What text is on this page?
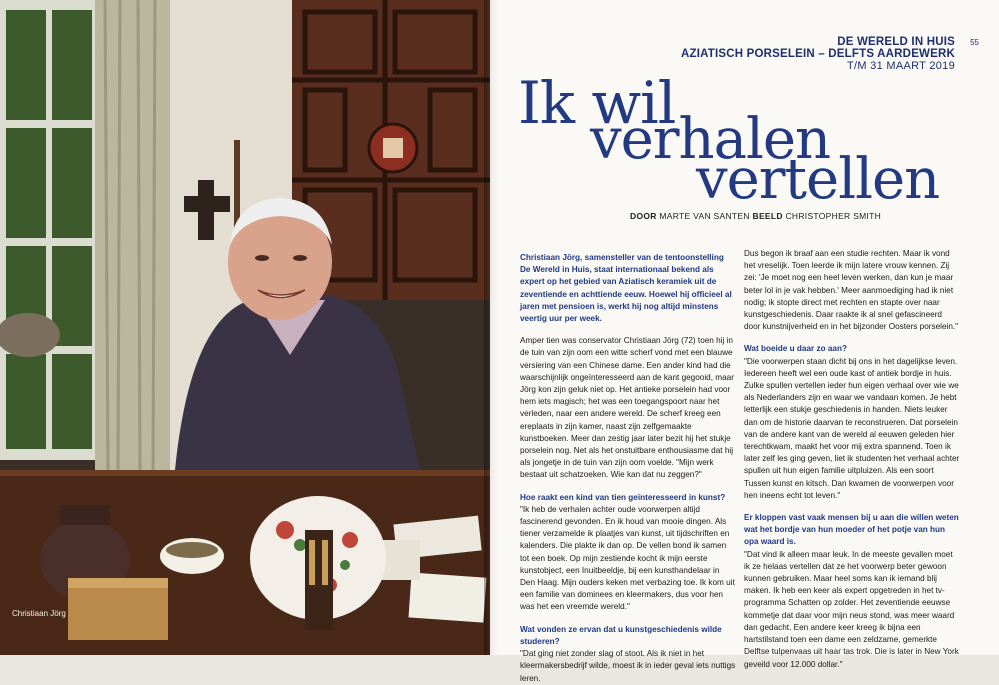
Christiaan Jörg
55
DE WERELD IN HUIS
AZIATISCH PORSELEIN – DELFTS AARDEWERK
T/M 31 MAART 2019
Ik wil
verhalen
vertellen
DOOR MARTE VAN SANTEN BEELD CHRISTOPHER SMITH

Christiaan Jörg, samensteller van de tentoonstelling De Wereld in Huis, staat internationaal bekend als expert op het gebied van Aziatisch keramiek uit de zeventiende en achttiende eeuw. Hoewel hij officieel al jaren met pensioen is, werkt hij nog altijd minstens veertig uur per week.

Amper tien was conservator Christiaan Jörg (72) toen hij in de tuin van zijn oom een witte scherf vond met een blauwe versiering van een Chinese dame. Een ander kind had die waarschijnlijk ongeïnteresseerd aan de kant gegooid, maar Jörg kon zijn geluk niet op. Het antieke porselein had voor hem iets magisch; het was een toegangspoort naar het verleden, naar een andere wereld. De scherf kreeg een ereplaats in zijn kamer, naast zijn zelfgemaakte kunstboeken. Meer dan zestig jaar later bezit hij het stukje porselein nog. Net als het onstuitbare enthousiasme dat hij als jongetje in de tuin van zijn oom voelde. "Mijn werk bestaat uit schatzoeken. Wie kan dat nu zeggen?"

Hoe raakt een kind van tien geïnteresseerd in kunst?

"Ik heb de verhalen achter oude voorwerpen altijd fascinerend gevonden. En ik houd van mooie dingen. Als tiener verzamelde ik plaatjes van kunst, uit tijdschriften en kalenders. Die plakte ik dan op. De vellen bond ik samen tot een boek. Op mijn zestiende kocht ik mijn eerste kunstobject, een Inuitbeeldje, bij een kunsthandelaar in Den Haag. Mijn ouders keken met verbazing toe. Ik kom uit een familie van dominees en kleermakers, dus voor hen was het een vreemde wereld."

Wat vonden ze ervan dat u kunstgeschiedenis wilde studeren?

"Dat ging niet zonder slag of stoot. Als ik niet in het kleermakersbedrijf wilde, moest ik in ieder geval iets nuttigs leren.

Dus begon ik braaf aan een studie rechten. Maar ik vond het vreselijk. Toen leerde ik mijn latere vrouw kennen. Zij zei: 'Je moet nog een heel leven werken, dan kun je maar beter lol in je vak hebben.' Meer aanmoediging had ik niet nodig; ik stopte direct met rechten en stapte over naar kunstgeschiedenis. Daar raakte ik al snel gefascineerd door kunstnijverheid en in het bijzonder Oosters porselein."

Wat boeide u daar zo aan?

"Die voorwerpen staan dicht bij ons in het dagelijkse leven. Iedereen heeft wel een oude kast of antiek bordje in huis. Zulke spullen vertellen ieder hun eigen verhaal over wie we als Nederlanders zijn en waar we vandaan komen. Je hebt letterlijk een stukje geschiedenis in handen. Niets leuker dan om de historie daarvan te reconstrueren. Dat porselein van de andere kant van de wereld al eeuwen geleden hier terechtkwam, maakt het voor mij extra spannend. Toen ik later zelf les ging geven, liet ik studenten het verhaal achter spullen uit hun eigen familie uitpluizen. Als een soort Tussen kunst en kitsch. Dan kwamen de voorwerpen voor hen ineens echt tot leven."

Er kloppen vast vaak mensen bij u aan die willen weten wat het bordje van hun moeder of het potje van hun opa waard is.

"Dat vind ik alleen maar leuk. In de meeste gevallen moet ik ze helaas vertellen dat ze het voorwerp beter gewoon kunnen gebruiken. Maar heel soms kan ik iemand blij maken. Ik heb een keer als expert opgetreden in het tv-programma Schatten op zolder. Het zeventiende eeuwse kommetje dat daar voor mijn neus stond, was meer waard dan gedacht. Een andere keer kreeg ik bijna een hartstilstand toen een dame een zeldzame, gemerkte Delftse tulpenvaas uit haar tas trok. Die is later in New York geveild voor 12.000 dollar."
